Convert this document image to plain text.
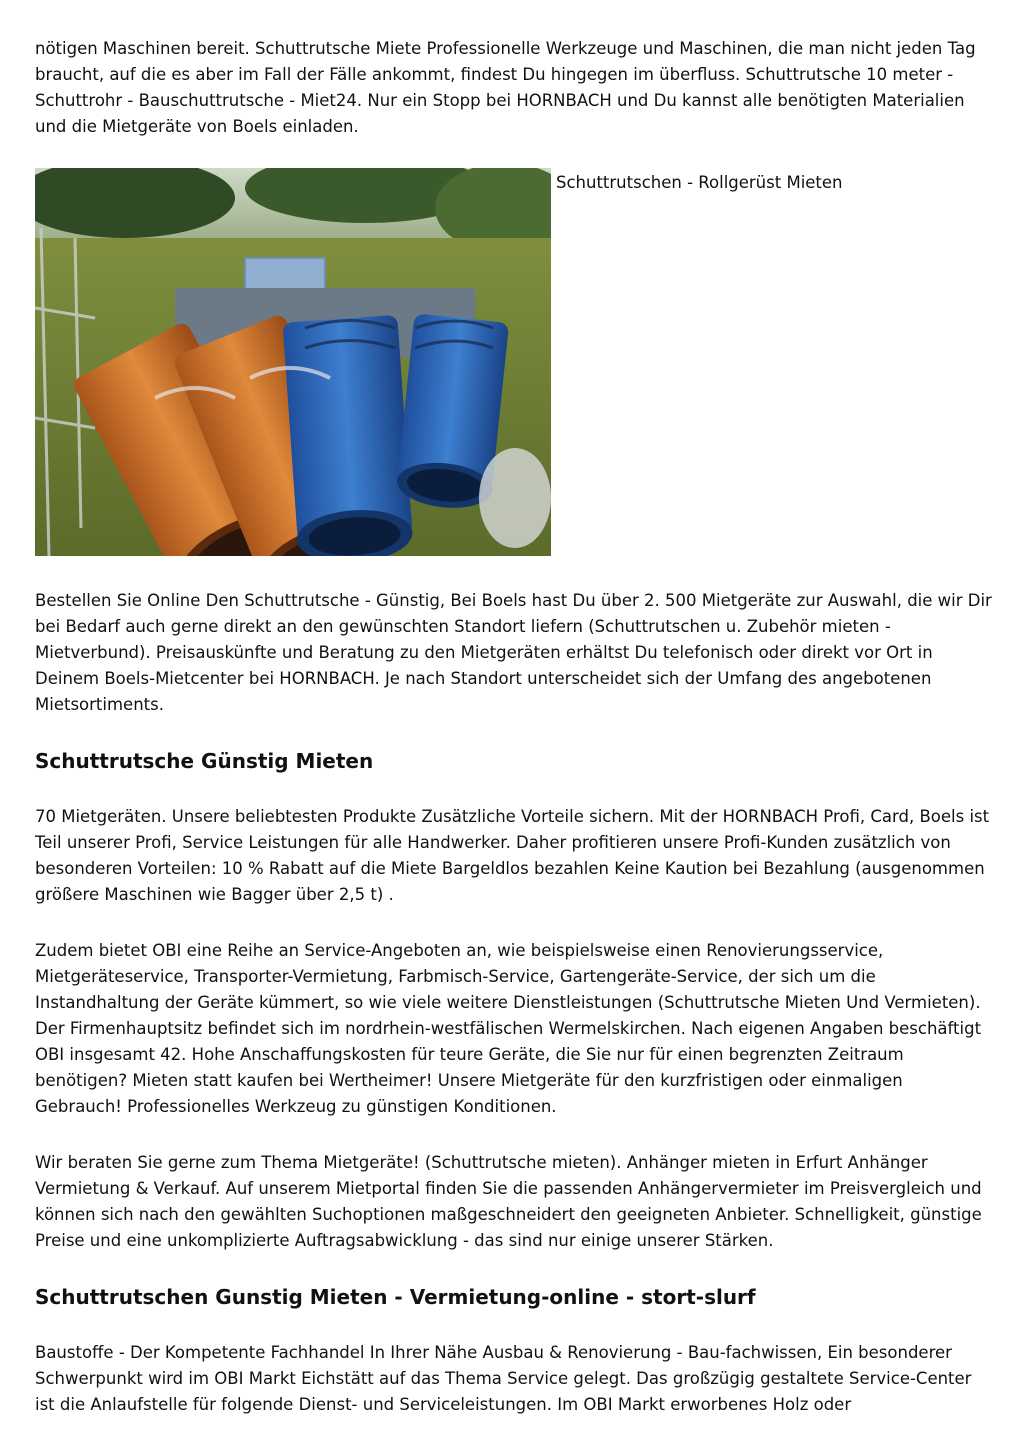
nötigen Maschinen bereit. Schuttrutsche Miete Professionelle Werkzeuge und Maschinen, die man nicht jeden Tag braucht, auf die es aber im Fall der Fälle ankommt, findest Du hingegen im überfluss. Schuttrutsche 10 meter - Schuttrohr - Bauschuttrutsche - Miet24. Nur ein Stopp bei HORNBACH und Du kannst alle benötigten Materialien und die Mietgeräte von Boels einladen.

Schuttrutschen - Rollgerüst Mieten

Bestellen Sie Online Den Schuttrutsche - Günstig, Bei Boels hast Du über 2. 500 Mietgeräte zur Auswahl, die wir Dir bei Bedarf auch gerne direkt an den gewünschten Standort liefern (Schuttrutschen u. Zubehör mieten - Mietverbund). Preisauskünfte und Beratung zu den Mietgeräten erhältst Du telefonisch oder direkt vor Ort in Deinem Boels-Mietcenter bei HORNBACH. Je nach Standort unterscheidet sich der Umfang des angebotenen Mietsortiments.

Schuttrutsche Günstig Mieten

70 Mietgeräten. Unsere beliebtesten Produkte Zusätzliche Vorteile sichern. Mit der HORNBACH Profi, Card, Boels ist Teil unserer Profi, Service Leistungen für alle Handwerker. Daher profitieren unsere Profi-Kunden zusätzlich von besonderen Vorteilen: 10 % Rabatt auf die Miete Bargeldlos bezahlen Keine Kaution bei Bezahlung (ausgenommen größere Maschinen wie Bagger über 2,5 t) .

Zudem bietet OBI eine Reihe an Service-Angeboten an, wie beispielsweise einen Renovierungsservice, Mietgeräteservice, Transporter-Vermietung, Farbmisch-Service, Gartengeräte-Service, der sich um die Instandhaltung der Geräte kümmert, so wie viele weitere Dienstleistungen (Schuttrutsche Mieten Und Vermieten). Der Firmenhauptsitz befindet sich im nordrhein-westfälischen Wermelskirchen. Nach eigenen Angaben beschäftigt OBI insgesamt 42. Hohe Anschaffungskosten für teure Geräte, die Sie nur für einen begrenzten Zeitraum benötigen? Mieten statt kaufen bei Wertheimer! Unsere Mietgeräte für den kurzfristigen oder einmaligen Gebrauch! Professionelles Werkzeug zu günstigen Konditionen.

Wir beraten Sie gerne zum Thema Mietgeräte! (Schuttrutsche mieten). Anhänger mieten in Erfurt Anhänger Vermietung & Verkauf. Auf unserem Mietportal finden Sie die passenden Anhängervermieter im Preisvergleich und können sich nach den gewählten Suchoptionen maßgeschneidert den geeigneten Anbieter. Schnelligkeit, günstige Preise und eine unkomplizierte Auftragsabwicklung - das sind nur einige unserer Stärken.

Schuttrutschen Gunstig Mieten - Vermietung-online - stort-slurf

Baustoffe - Der Kompetente Fachhandel In Ihrer Nähe Ausbau & Renovierung - Bau-fachwissen, Ein besonderer Schwerpunkt wird im OBI Markt Eichstätt auf das Thema Service gelegt. Das großzügig gestaltete Service-Center ist die Anlaufstelle für folgende Dienst- und Serviceleistungen. Im OBI Markt erworbenes Holz oder
